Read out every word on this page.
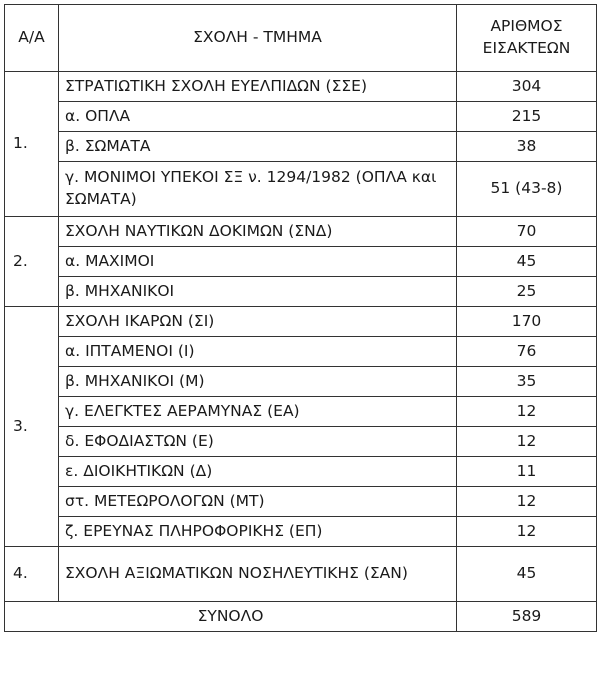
Α/Α	ΣΧΟΛΗ - ΤΜΗΜΑ	ΑΡΙΘΜΟΣ ΕΙΣΑΚΤΕΩΝ
1.	ΣΤΡΑΤΙΩΤΙΚΗ ΣΧΟΛΗ ΕΥΕΛΠΙΔΩΝ (ΣΣΕ)	304
	α. ΟΠΛΑ	215
	β. ΣΩΜΑΤΑ	38
	γ. ΜΟΝΙΜΟΙ ΥΠΕΚΟΙ ΣΞ ν. 1294/1982 (ΟΠΛΑ και ΣΩΜΑΤΑ)	51 (43-8)
2.	ΣΧΟΛΗ ΝΑΥΤΙΚΩΝ ΔΟΚΙΜΩΝ (ΣΝΔ)	70
	α. ΜΑΧΙΜΟΙ	45
	β. ΜΗΧΑΝΙΚΟΙ	25
3.	ΣΧΟΛΗ ΙΚΑΡΩΝ (ΣΙ)	170
	α. ΙΠΤΑΜΕΝΟΙ (Ι)	76
	β. ΜΗΧΑΝΙΚΟΙ (Μ)	35
	γ. ΕΛΕΓΚΤΕΣ ΑΕΡΑΜΥΝΑΣ (ΕΑ)	12
	δ. ΕΦΟΔΙΑΣΤΩΝ (Ε)	12
	ε. ΔΙΟΙΚΗΤΙΚΩΝ (Δ)	11
	στ. ΜΕΤΕΩΡΟΛΟΓΩΝ (ΜΤ)	12
	ζ. ΕΡΕΥΝΑΣ ΠΛΗΡΟΦΟΡΙΚΗΣ (ΕΠ)	12
4.	ΣΧΟΛΗ ΑΞΙΩΜΑΤΙΚΩΝ ΝΟΣΗΛΕΥΤΙΚΗΣ (ΣΑΝ)	45
ΣΥΝΟΛΟ		589
